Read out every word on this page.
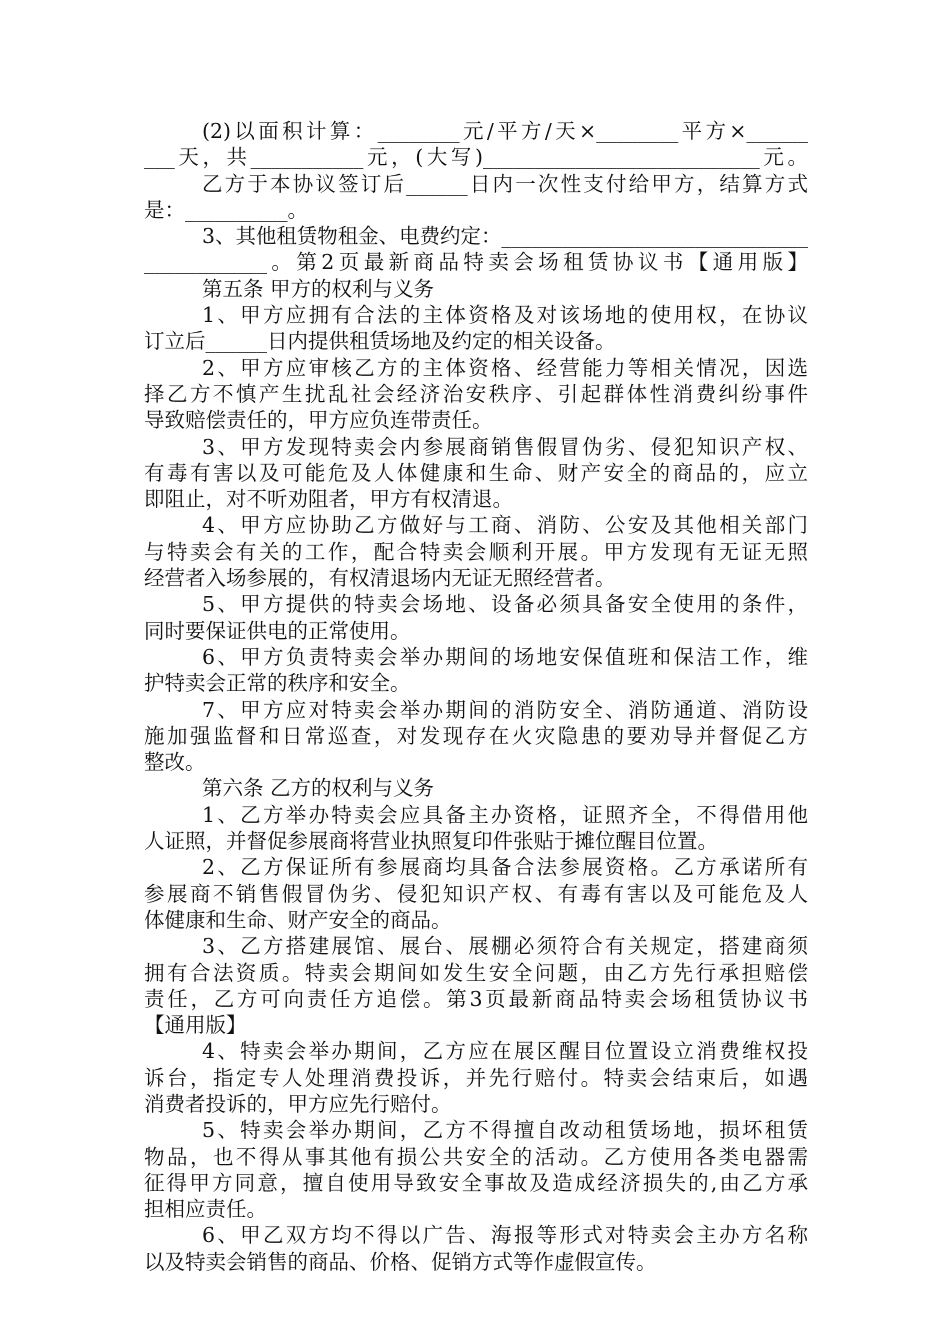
(2)以面积计算：________元/平方/天×________平方×______
___天，共___________元，(大写)___________________________元。
乙方于本协议签订后______日内一次性支付给甲方，结算方式
是：__________。
3、其他租赁物租金、电费约定：______________________________
____________。第2页最新商品特卖会场租赁协议书【通用版】
第五条 甲方的权利与义务
1、甲方应拥有合法的主体资格及对该场地的使用权，在协议
订立后______日内提供租赁场地及约定的相关设备。
2、甲方应审核乙方的主体资格、经营能力等相关情况，因选
择乙方不慎产生扰乱社会经济治安秩序、引起群体性消费纠纷事件
导致赔偿责任的，甲方应负连带责任。
3、甲方发现特卖会内参展商销售假冒伪劣、侵犯知识产权、
有毒有害以及可能危及人体健康和生命、财产安全的商品的，应立
即阻止，对不听劝阻者，甲方有权清退。
4、甲方应协助乙方做好与工商、消防、公安及其他相关部门
与特卖会有关的工作，配合特卖会顺利开展。甲方发现有无证无照
经营者入场参展的，有权清退场内无证无照经营者。
5、甲方提供的特卖会场地、设备必须具备安全使用的条件，
同时要保证供电的正常使用。
6、甲方负责特卖会举办期间的场地安保值班和保洁工作，维
护特卖会正常的秩序和安全。
7、甲方应对特卖会举办期间的消防安全、消防通道、消防设
施加强监督和日常巡查，对发现存在火灾隐患的要劝导并督促乙方
整改。
第六条 乙方的权利与义务
1、乙方举办特卖会应具备主办资格，证照齐全，不得借用他
人证照，并督促参展商将营业执照复印件张贴于摊位醒目位置。
2、乙方保证所有参展商均具备合法参展资格。乙方承诺所有
参展商不销售假冒伪劣、侵犯知识产权、有毒有害以及可能危及人
体健康和生命、财产安全的商品。
3、乙方搭建展馆、展台、展棚必须符合有关规定，搭建商须
拥有合法资质。特卖会期间如发生安全问题，由乙方先行承担赔偿
责任，乙方可向责任方追偿。第3页最新商品特卖会场租赁协议书
【通用版】
4、特卖会举办期间，乙方应在展区醒目位置设立消费维权投
诉台，指定专人处理消费投诉，并先行赔付。特卖会结束后，如遇
消费者投诉的，甲方应先行赔付。
5、特卖会举办期间，乙方不得擅自改动租赁场地，损坏租赁
物品，也不得从事其他有损公共安全的活动。乙方使用各类电器需
征得甲方同意，擅自使用导致安全事故及造成经济损失的,由乙方承
担相应责任。
6、甲乙双方均不得以广告、海报等形式对特卖会主办方名称
以及特卖会销售的商品、价格、促销方式等作虚假宣传。
